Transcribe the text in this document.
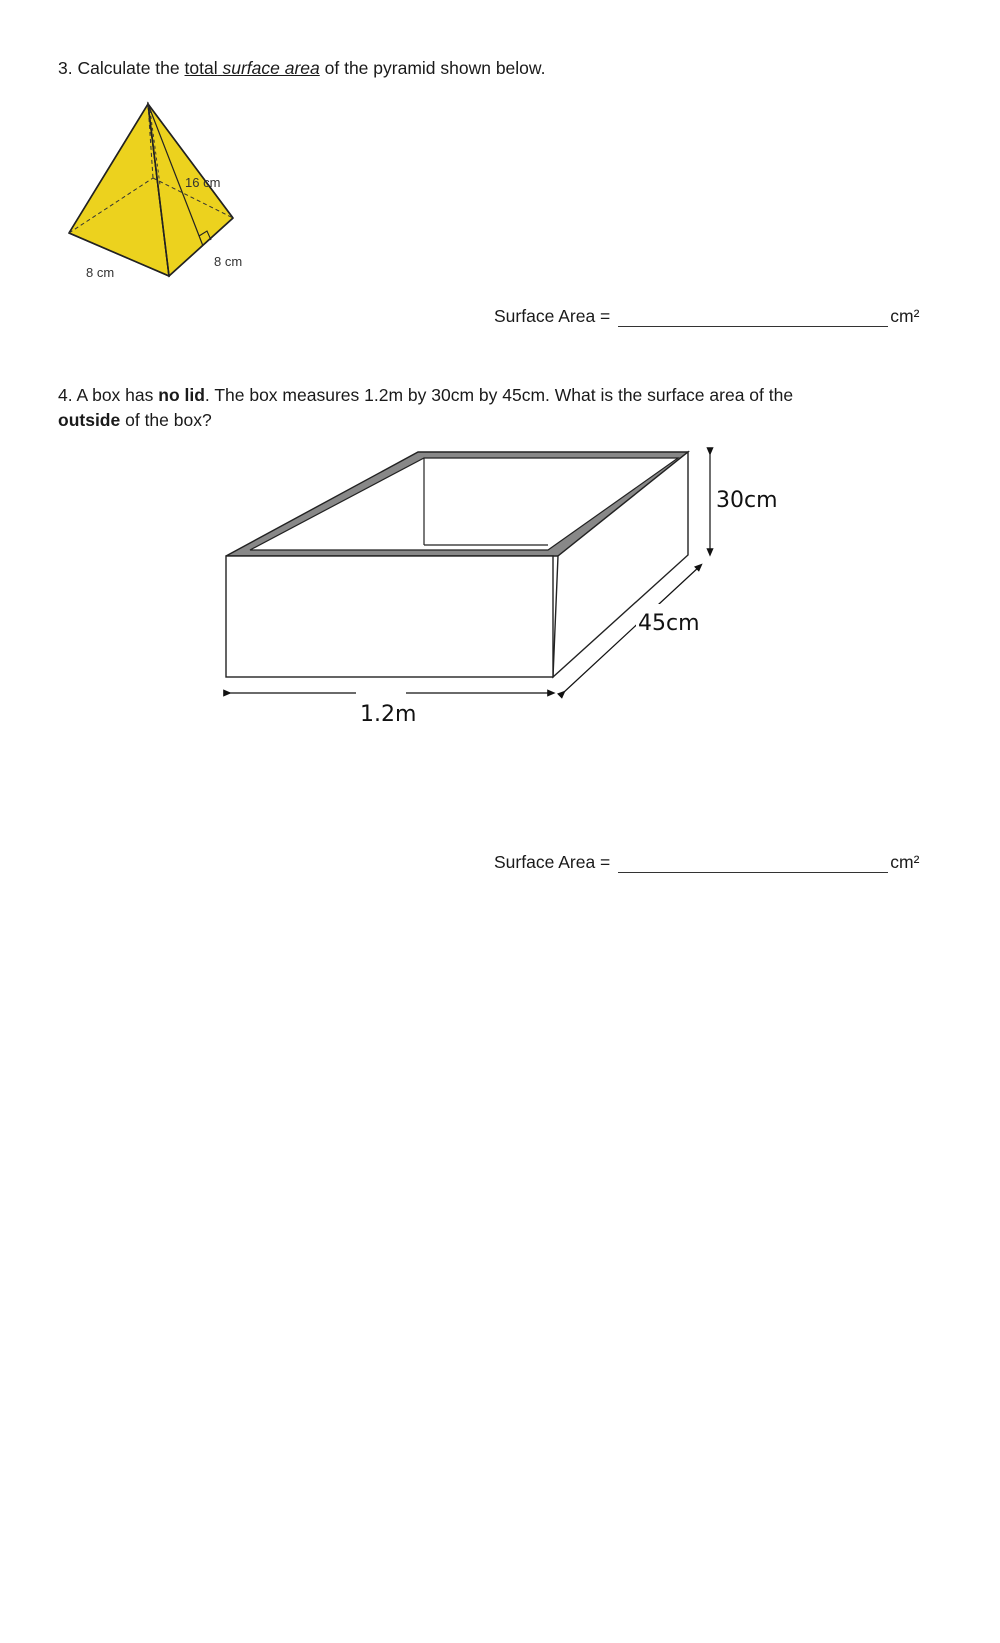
3. Calculate the total surface area of the pyramid shown below.
16 cm
8 cm
8 cm
Surface Area =	cm²
4. A box has no lid. The box measures 1.2m by 30cm by 45cm. What is the surface area of the
outside of the box?
30cm
45cm
1.2m
Surface Area =	cm²
